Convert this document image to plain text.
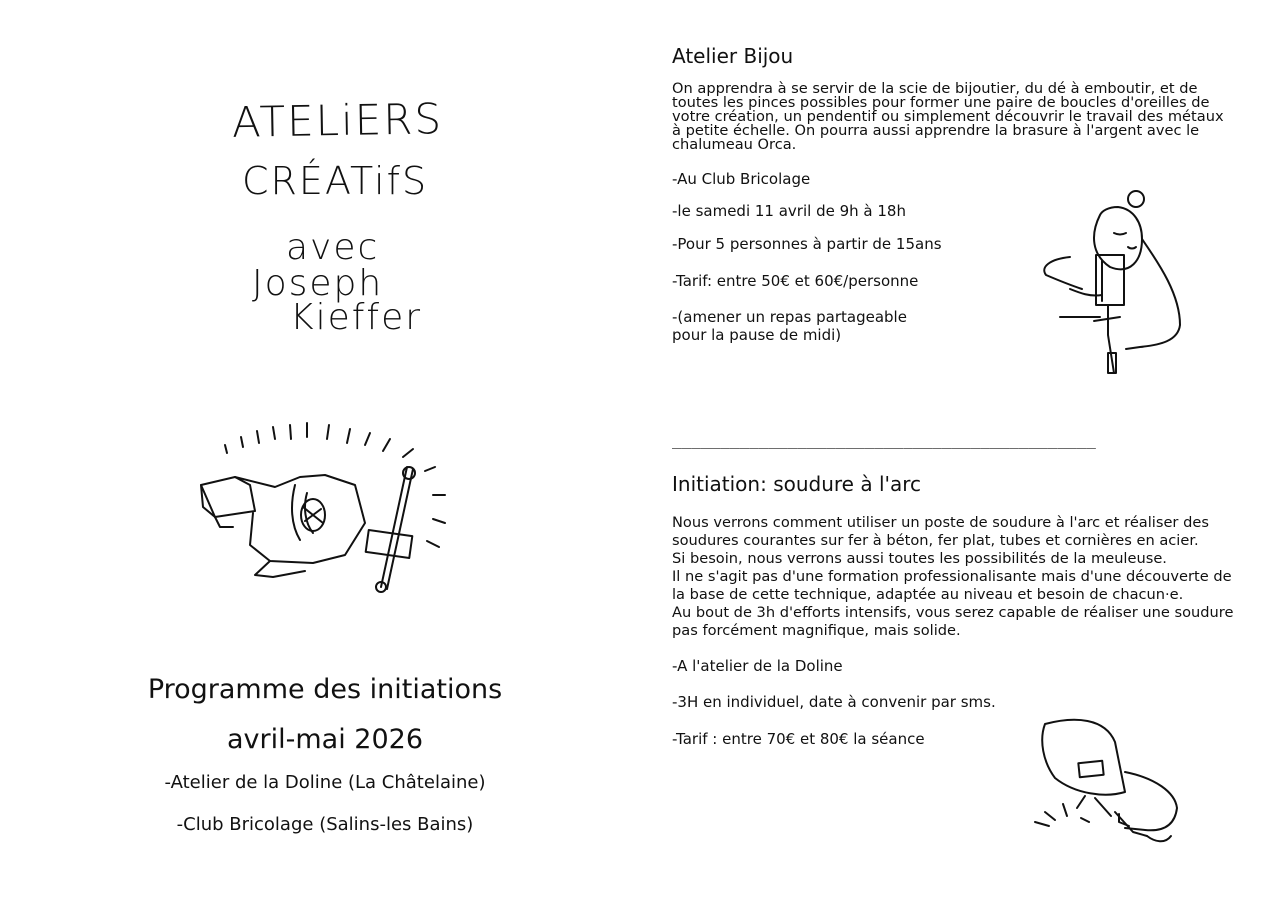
ATELiERS
CRÉATifS
avec
Joseph
Kieffer
Programme des initiations
avril-mai 2026
-Atelier de la Doline (La Châtelaine)
-Club Bricolage (Salins-les Bains)
Atelier Bijou
On apprendra à se servir de la scie de bijoutier, du dé à emboutir, et de toutes les pinces possibles pour former une paire de boucles d'oreilles de votre création, un pendentif ou simplement découvrir le travail des métaux à petite échelle. On pourra aussi apprendre la brasure à l'argent avec le chalumeau Orca.
-Au Club Bricolage
-le samedi 11 avril de 9h à 18h
-Pour 5 personnes à partir de 15ans
-Tarif: entre 50€ et 60€/personne
-(amener un repas partageable
pour la pause de midi)
____________________________________________
Initiation: soudure à l'arc
Nous verrons comment utiliser un poste de soudure à l'arc et réaliser des
soudures courantes sur fer à béton, fer plat, tubes et cornières en acier.
Si besoin, nous verrons aussi toutes les possibilités de la meuleuse.
Il ne s'agit pas d'une formation professionalisante mais d'une découverte de
la base de cette technique, adaptée au niveau et besoin de chacun·e.
Au bout de 3h d'efforts intensifs, vous serez capable de réaliser une soudure
pas forcément magnifique, mais solide.
-A l'atelier de la Doline
-3H en individuel, date à convenir par sms.
-Tarif : entre 70€ et 80€ la séance
